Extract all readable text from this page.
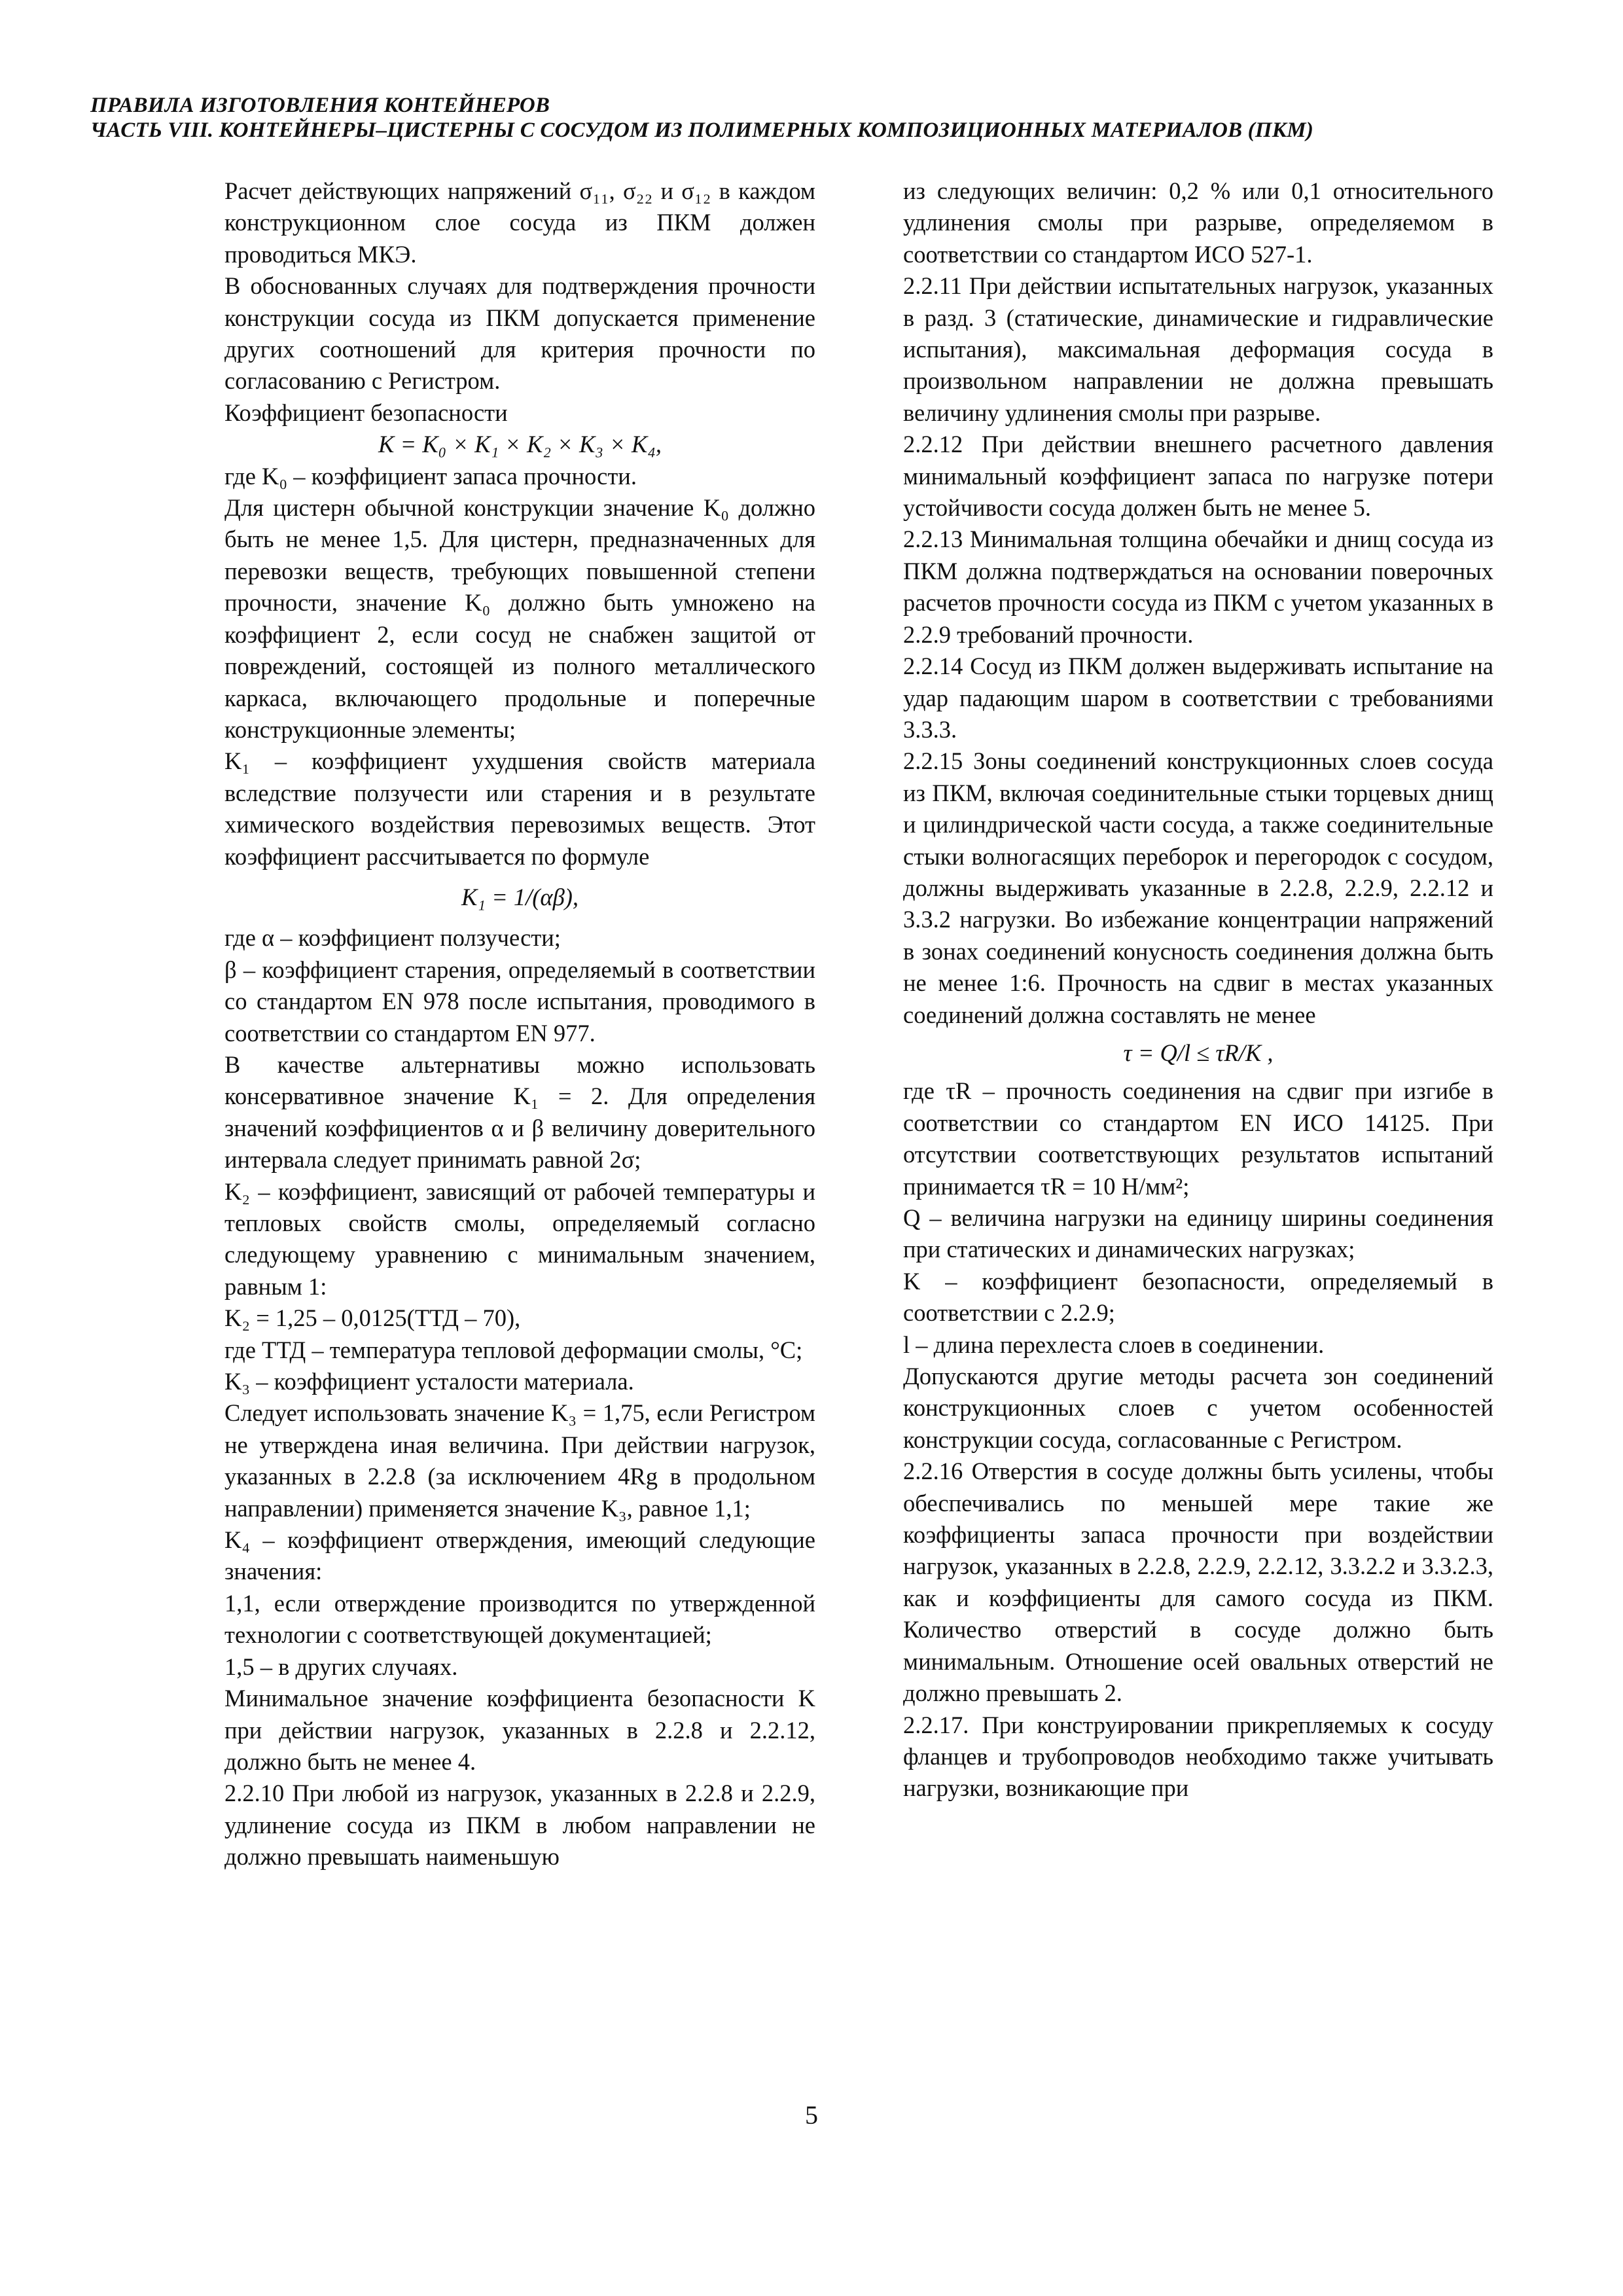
ПРАВИЛА ИЗГОТОВЛЕНИЯ КОНТЕЙНЕРОВ
ЧАСТЬ VIII. КОНТЕЙНЕРЫ–ЦИСТЕРНЫ С СОСУДОМ ИЗ ПОЛИМЕРНЫХ КОМПОЗИЦИОННЫХ МАТЕРИАЛОВ (ПКМ)

Расчет действующих напряжений σ₁₁, σ₂₂ и σ₁₂ в каждом конструкционном слое сосуда из ПКМ должен проводиться МКЭ.

В обоснованных случаях для подтверждения прочности конструкции сосуда из ПКМ допускается применение других соотношений для критерия прочности по согласованию с Регистром.

Коэффициент безопасности

K = K₀ × K₁ × K₂ × K₃ × K₄,

где K₀ – коэффициент запаса прочности.

Для цистерн обычной конструкции значение K₀ должно быть не менее 1,5. Для цистерн, предназначенных для перевозки веществ, требующих повышенной степени прочности, значение K₀ должно быть умножено на коэффициент 2, если сосуд не снабжен защитой от повреждений, состоящей из полного металлического каркаса, включающего продольные и поперечные конструкционные элементы;

K₁ – коэффициент ухудшения свойств материала вследствие ползучести или старения и в результате химического воздействия перевозимых веществ. Этот коэффициент рассчитывается по формуле

K₁ = 1/(αβ),

где α – коэффициент ползучести;

β – коэффициент старения, определяемый в соответствии со стандартом EN 978 после испытания, проводимого в соответствии со стандартом EN 977.

В качестве альтернативы можно использовать консервативное значение K₁ = 2. Для определения значений коэффициентов α и β величину доверительного интервала следует принимать равной 2σ;

K₂ – коэффициент, зависящий от рабочей температуры и тепловых свойств смолы, определяемый согласно следующему уравнению с минимальным значением, равным 1:

K₂ = 1,25 – 0,0125(ТТД – 70),

где ТТД – температура тепловой деформации смолы, °С;

K₃ – коэффициент усталости материала.

Следует использовать значение K₃ = 1,75, если Регистром не утверждена иная величина. При действии нагрузок, указанных в 2.2.8 (за исключением 4Rg в продольном направлении) применяется значение K₃, равное 1,1;

K₄ – коэффициент отверждения, имеющий следующие значения:

1,1, если отверждение производится по утвержденной технологии с соответствующей документацией;

1,5 – в других случаях.

Минимальное значение коэффициента безопасности K при действии нагрузок, указанных в 2.2.8 и 2.2.12, должно быть не менее 4.

2.2.10 При любой из нагрузок, указанных в 2.2.8 и 2.2.9, удлинение сосуда из ПКМ в любом направлении не должно превышать наименьшую

из следующих величин: 0,2 % или 0,1 относительного удлинения смолы при разрыве, определяемом в соответствии со стандартом ИСО 527-1.

2.2.11 При действии испытательных нагрузок, указанных в разд. 3 (статические, динамические и гидравлические испытания), максимальная деформация сосуда в произвольном направлении не должна превышать величину удлинения смолы при разрыве.

2.2.12 При действии внешнего расчетного давления минимальный коэффициент запаса по нагрузке потери устойчивости сосуда должен быть не менее 5.

2.2.13 Минимальная толщина обечайки и днищ сосуда из ПКМ должна подтверждаться на основании поверочных расчетов прочности сосуда из ПКМ с учетом указанных в 2.2.9 требований прочности.

2.2.14 Сосуд из ПКМ должен выдерживать испытание на удар падающим шаром в соответствии с требованиями 3.3.3.

2.2.15 Зоны соединений конструкционных слоев сосуда из ПКМ, включая соединительные стыки торцевых днищ и цилиндрической части сосуда, а также соединительные стыки волногасящих переборок и перегородок с сосудом, должны выдерживать указанные в 2.2.8, 2.2.9, 2.2.12 и 3.3.2 нагрузки. Во избежание концентрации напряжений в зонах соединений конусность соединения должна быть не менее 1:6. Прочность на сдвиг в местах указанных соединений должна составлять не менее

τ = Q/l ≤ τR/K ,

где τR – прочность соединения на сдвиг при изгибе в соответствии со стандартом EN ИСО 14125. При отсутствии соответствующих результатов испытаний принимается τR = 10 Н/мм²;

Q – величина нагрузки на единицу ширины соединения при статических и динамических нагрузках;

K – коэффициент безопасности, определяемый в соответствии с 2.2.9;

l – длина перехлеста слоев в соединении.

Допускаются другие методы расчета зон соединений конструкционных слоев с учетом особенностей конструкции сосуда, согласованные с Регистром.

2.2.16 Отверстия в сосуде должны быть усилены, чтобы обеспечивались по меньшей мере такие же коэффициенты запаса прочности при воздействии нагрузок, указанных в 2.2.8, 2.2.9, 2.2.12, 3.3.2.2 и 3.3.2.3, как и коэффициенты для самого сосуда из ПКМ. Количество отверстий в сосуде должно быть минимальным. Отношение осей овальных отверстий не должно превышать 2.

2.2.17. При конструировании прикрепляемых к сосуду фланцев и трубопроводов необходимо также учитывать нагрузки, возникающие при

5
